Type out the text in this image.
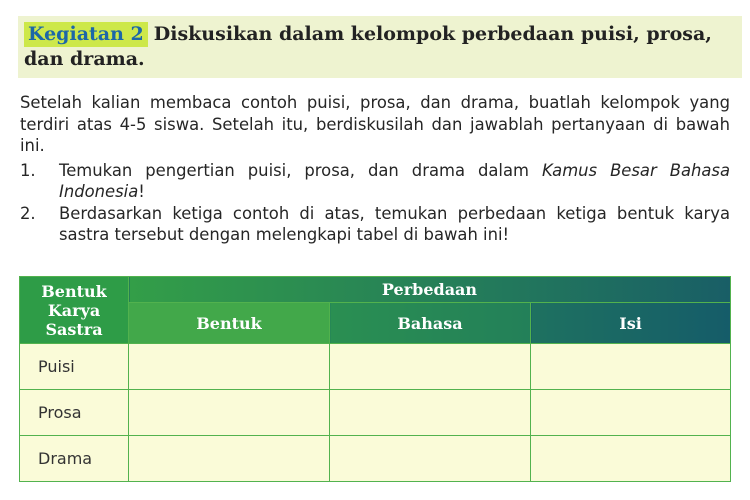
Kegiatan 2 Diskusikan dalam kelompok perbedaan puisi, prosa, dan drama.

Setelah kalian membaca contoh puisi, prosa, dan drama, buatlah kelompok yang terdiri atas 4-5 siswa. Setelah itu, berdiskusilah dan jawablah pertanyaan di bawah ini.

1.	Temukan pengertian puisi, prosa, dan drama dalam Kamus Besar Bahasa Indonesia!
2.	Berdasarkan ketiga contoh di atas, temukan perbedaan ketiga bentuk karya sastra tersebut dengan melengkapi tabel di bawah ini!
Bentuk Karya Sastra	Perbedaan		
	Bentuk	Bahasa	Isi
Puisi			
Prosa			
Drama			
